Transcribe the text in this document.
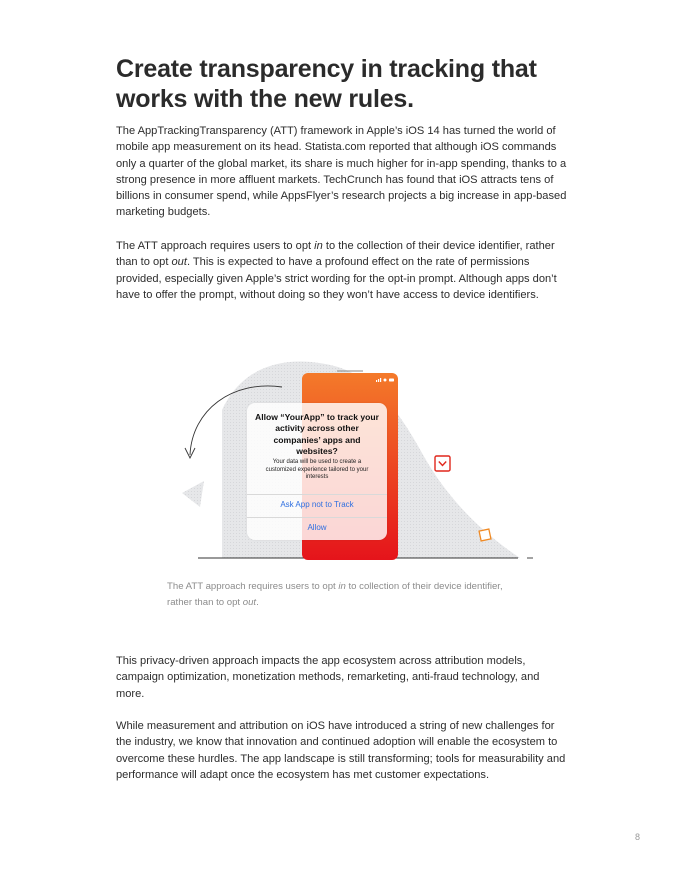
Create transparency in tracking that works with the new rules.

The AppTrackingTransparency (ATT) framework in Apple’s iOS 14 has turned the world of mobile app measurement on its head. Statista.com reported that although iOS commands only a quarter of the global market, its share is much higher for in-app spending, thanks to a strong presence in more affluent markets. TechCrunch has found that iOS attracts tens of billions in consumer spend, while AppsFlyer’s research projects a big increase in app-based marketing budgets.

The ATT approach requires users to opt in to the collection of their device identifier, rather than to opt out. This is expected to have a profound effect on the rate of permissions provided, especially given Apple’s strict wording for the opt-in prompt. Although apps don’t have to offer the prompt, without doing so they won’t have access to device identifiers.

Allow “YourApp” to track your activity across other companies’ apps and websites?

Your data will be used to create a customized experience tailored to your interests

Ask App not to Track
Allow

The ATT approach requires users to opt in to collection of their device identifier, rather than to opt out.

This privacy-driven approach impacts the app ecosystem across attribution models, campaign optimization, monetization methods, remarketing, anti-fraud technology, and more.

While measurement and attribution on iOS have introduced a string of new challenges for the industry, we know that innovation and continued adoption will enable the ecosystem to overcome these hurdles. The app landscape is still transforming; tools for measurability and performance will adapt once the ecosystem has met customer expectations.

8
